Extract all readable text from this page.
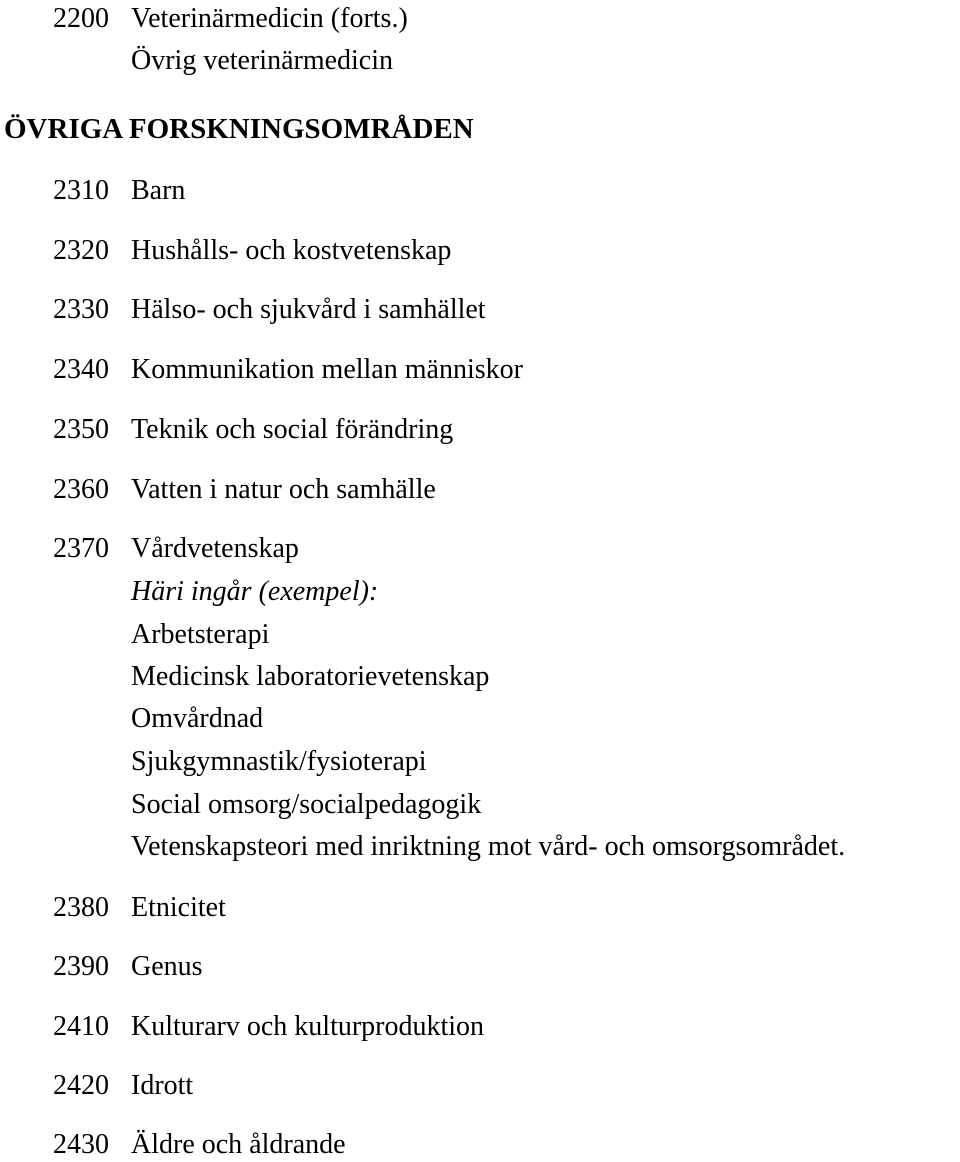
2200 Veterinärmedicin (forts.)
Övrig veterinärmedicin
ÖVRIGA FORSKNINGSOMRÅDEN
2310 Barn
2320 Hushålls- och kostvetenskap
2330 Hälso- och sjukvård i samhället
2340 Kommunikation mellan människor
2350 Teknik och social förändring
2360 Vatten i natur och samhälle
2370 Vårdvetenskap
Häri ingår (exempel):
Arbetsterapi
Medicinsk laboratorievetenskap
Omvårdnad
Sjukgymnastik/fysioterapi
Social omsorg/socialpedagogik
Vetenskapsteori med inriktning mot vård- och omsorgsområdet.
2380 Etnicitet
2390 Genus
2410 Kulturarv och kulturproduktion
2420 Idrott
2430 Äldre och åldrande
